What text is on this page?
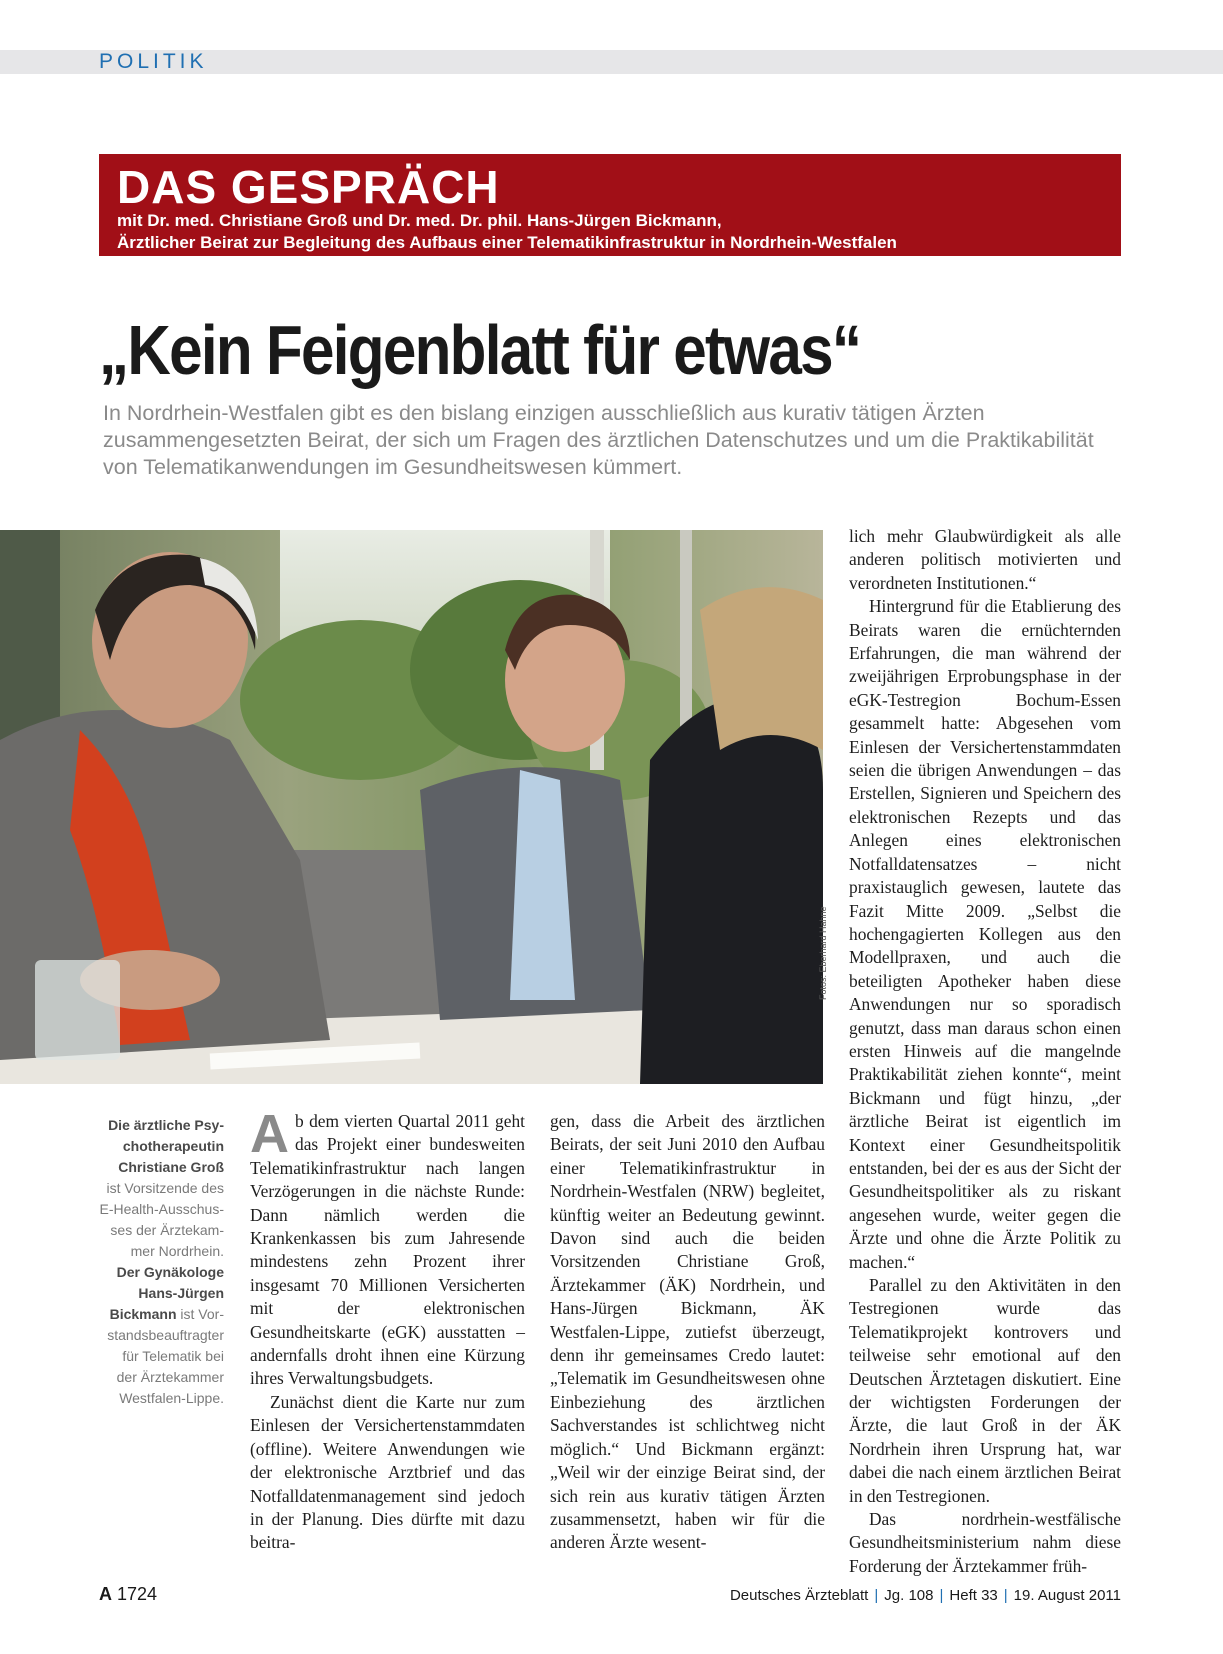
POLITIK
DAS GESPRÄCH
mit Dr. med. Christiane Groß und Dr. med. Dr. phil. Hans-Jürgen Bickmann,
Ärztlicher Beirat zur Begleitung des Aufbaus einer Telematikinfrastruktur in Nordrhein-Westfalen
„Kein Feigenblatt für etwas“
In Nordrhein-Westfalen gibt es den bislang einzigen ausschließlich aus kurativ tätigen Ärzten zusammengesetzten Beirat, der sich um Fragen des ärztlichen Datenschutzes und um die Praktikabilität von Telematikanwendungen im Gesundheitswesen kümmert.
Fotos: Eberhard Hahne
Die ärztliche Psy-
chotherapeutin
Christiane Groß
ist Vorsitzende des
E-Health-Ausschus-
ses der Ärztekam-
mer Nordrhein.
Der Gynäkologe
Hans-Jürgen
Bickmann ist Vor-
standsbeauftragter
für Telematik bei
der Ärztekammer
Westfalen-Lippe.

Ab dem vierten Quartal 2011 geht das Projekt einer bundesweiten Telematikinfrastruktur nach langen Verzögerungen in die nächste Runde: Dann nämlich werden die Krankenkassen bis zum Jahresende mindestens zehn Prozent ihrer insgesamt 70 Millionen Versicherten mit der elektronischen Gesundheitskarte (eGK) ausstatten – andernfalls droht ihnen eine Kürzung ihres Verwaltungsbudgets.

Zunächst dient die Karte nur zum Einlesen der Versichertenstammdaten (offline). Weitere Anwendungen wie der elektronische Arztbrief und das Notfalldatenmanagement sind jedoch in der Planung. Dies dürfte mit dazu beitra-

gen, dass die Arbeit des ärztlichen Beirats, der seit Juni 2010 den Aufbau einer Telematikinfrastruktur in Nordrhein-Westfalen (NRW) begleitet, künftig weiter an Bedeutung gewinnt. Davon sind auch die beiden Vorsitzenden Christiane Groß, Ärztekammer (ÄK) Nordrhein, und Hans-Jürgen Bickmann, ÄK Westfalen-Lippe, zutiefst überzeugt, denn ihr gemeinsames Credo lautet: „Telematik im Gesundheitswesen ohne Einbeziehung des ärztlichen Sachverstandes ist schlichtweg nicht möglich.“ Und Bickmann ergänzt: „Weil wir der einzige Beirat sind, der sich rein aus kurativ tätigen Ärzten zusammensetzt, haben wir für die anderen Ärzte wesent-

lich mehr Glaubwürdigkeit als alle anderen politisch motivierten und verordneten Institutionen.“

Hintergrund für die Etablierung des Beirats waren die ernüchternden Erfahrungen, die man während der zweijährigen Erprobungsphase in der eGK-Testregion Bochum-Essen gesammelt hatte: Abgesehen vom Einlesen der Versichertenstammdaten seien die übrigen Anwendungen – das Erstellen, Signieren und Speichern des elektronischen Rezepts und das Anlegen eines elektronischen Notfalldatensatzes – nicht praxistauglich gewesen, lautete das Fazit Mitte 2009. „Selbst die hochengagierten Kollegen aus den Modellpraxen, und auch die beteiligten Apotheker haben diese Anwendungen nur so sporadisch genutzt, dass man daraus schon einen ersten Hinweis auf die mangelnde Praktikabilität ziehen konnte“, meint Bickmann und fügt hinzu, „der ärztliche Beirat ist eigentlich im Kontext einer Gesundheitspolitik entstanden, bei der es aus der Sicht der Gesundheitspolitiker als zu riskant angesehen wurde, weiter gegen die Ärzte und ohne die Ärzte Politik zu machen.“

Parallel zu den Aktivitäten in den Testregionen wurde das Telematikprojekt kontrovers und teilweise sehr emotional auf den Deutschen Ärztetagen diskutiert. Eine der wichtigsten Forderungen der Ärzte, die laut Groß in der ÄK Nordrhein ihren Ursprung hat, war dabei die nach einem ärztlichen Beirat in den Testregionen.

Das nordrhein-westfälische Gesundheitsministerium nahm diese Forderung der Ärztekammer früh-

A 1724	Deutsches Ärzteblatt | Jg. 108 | Heft 33 | 19. August 2011
